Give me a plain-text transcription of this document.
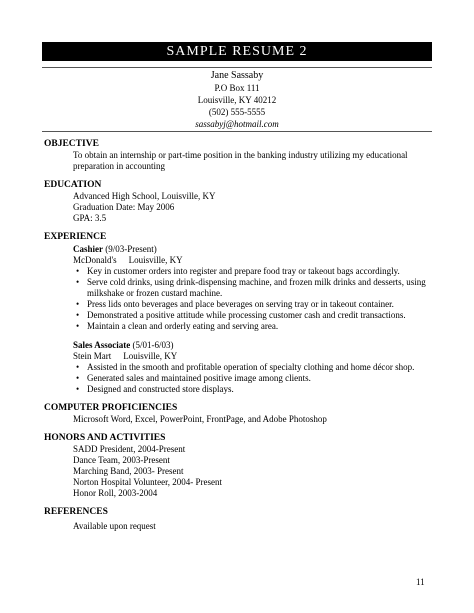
SAMPLE RESUME 2
Jane Sassaby
P.O Box 111
Louisville, KY 40212
(502) 555-5555
sassabyj@hotmail.com
OBJECTIVE
To obtain an internship or part-time position in the banking industry utilizing my educational preparation in accounting
EDUCATION
Advanced High School, Louisville, KY
Graduation Date: May 2006
GPA: 3.5
EXPERIENCE
Cashier (9/03-Present)
McDonald's Louisville, KY
• Key in customer orders into register and prepare food tray or takeout bags accordingly.
• Serve cold drinks, using drink-dispensing machine, and frozen milk drinks and desserts, using milkshake or frozen custard machine.
• Press lids onto beverages and place beverages on serving tray or in takeout container.
• Demonstrated a positive attitude while processing customer cash and credit transactions.
• Maintain a clean and orderly eating and serving area.
Sales Associate (5/01-6/03)
Stein Mart Louisville, KY
• Assisted in the smooth and profitable operation of specialty clothing and home décor shop.
• Generated sales and maintained positive image among clients.
• Designed and constructed store displays.
COMPUTER PROFICIENCIES
Microsoft Word, Excel, PowerPoint, FrontPage, and Adobe Photoshop
HONORS AND ACTIVITIES
SADD President, 2004-Present
Dance Team, 2003-Present
Marching Band, 2003- Present
Norton Hospital Volunteer, 2004- Present
Honor Roll, 2003-2004
REFERENCES
Available upon request
11
